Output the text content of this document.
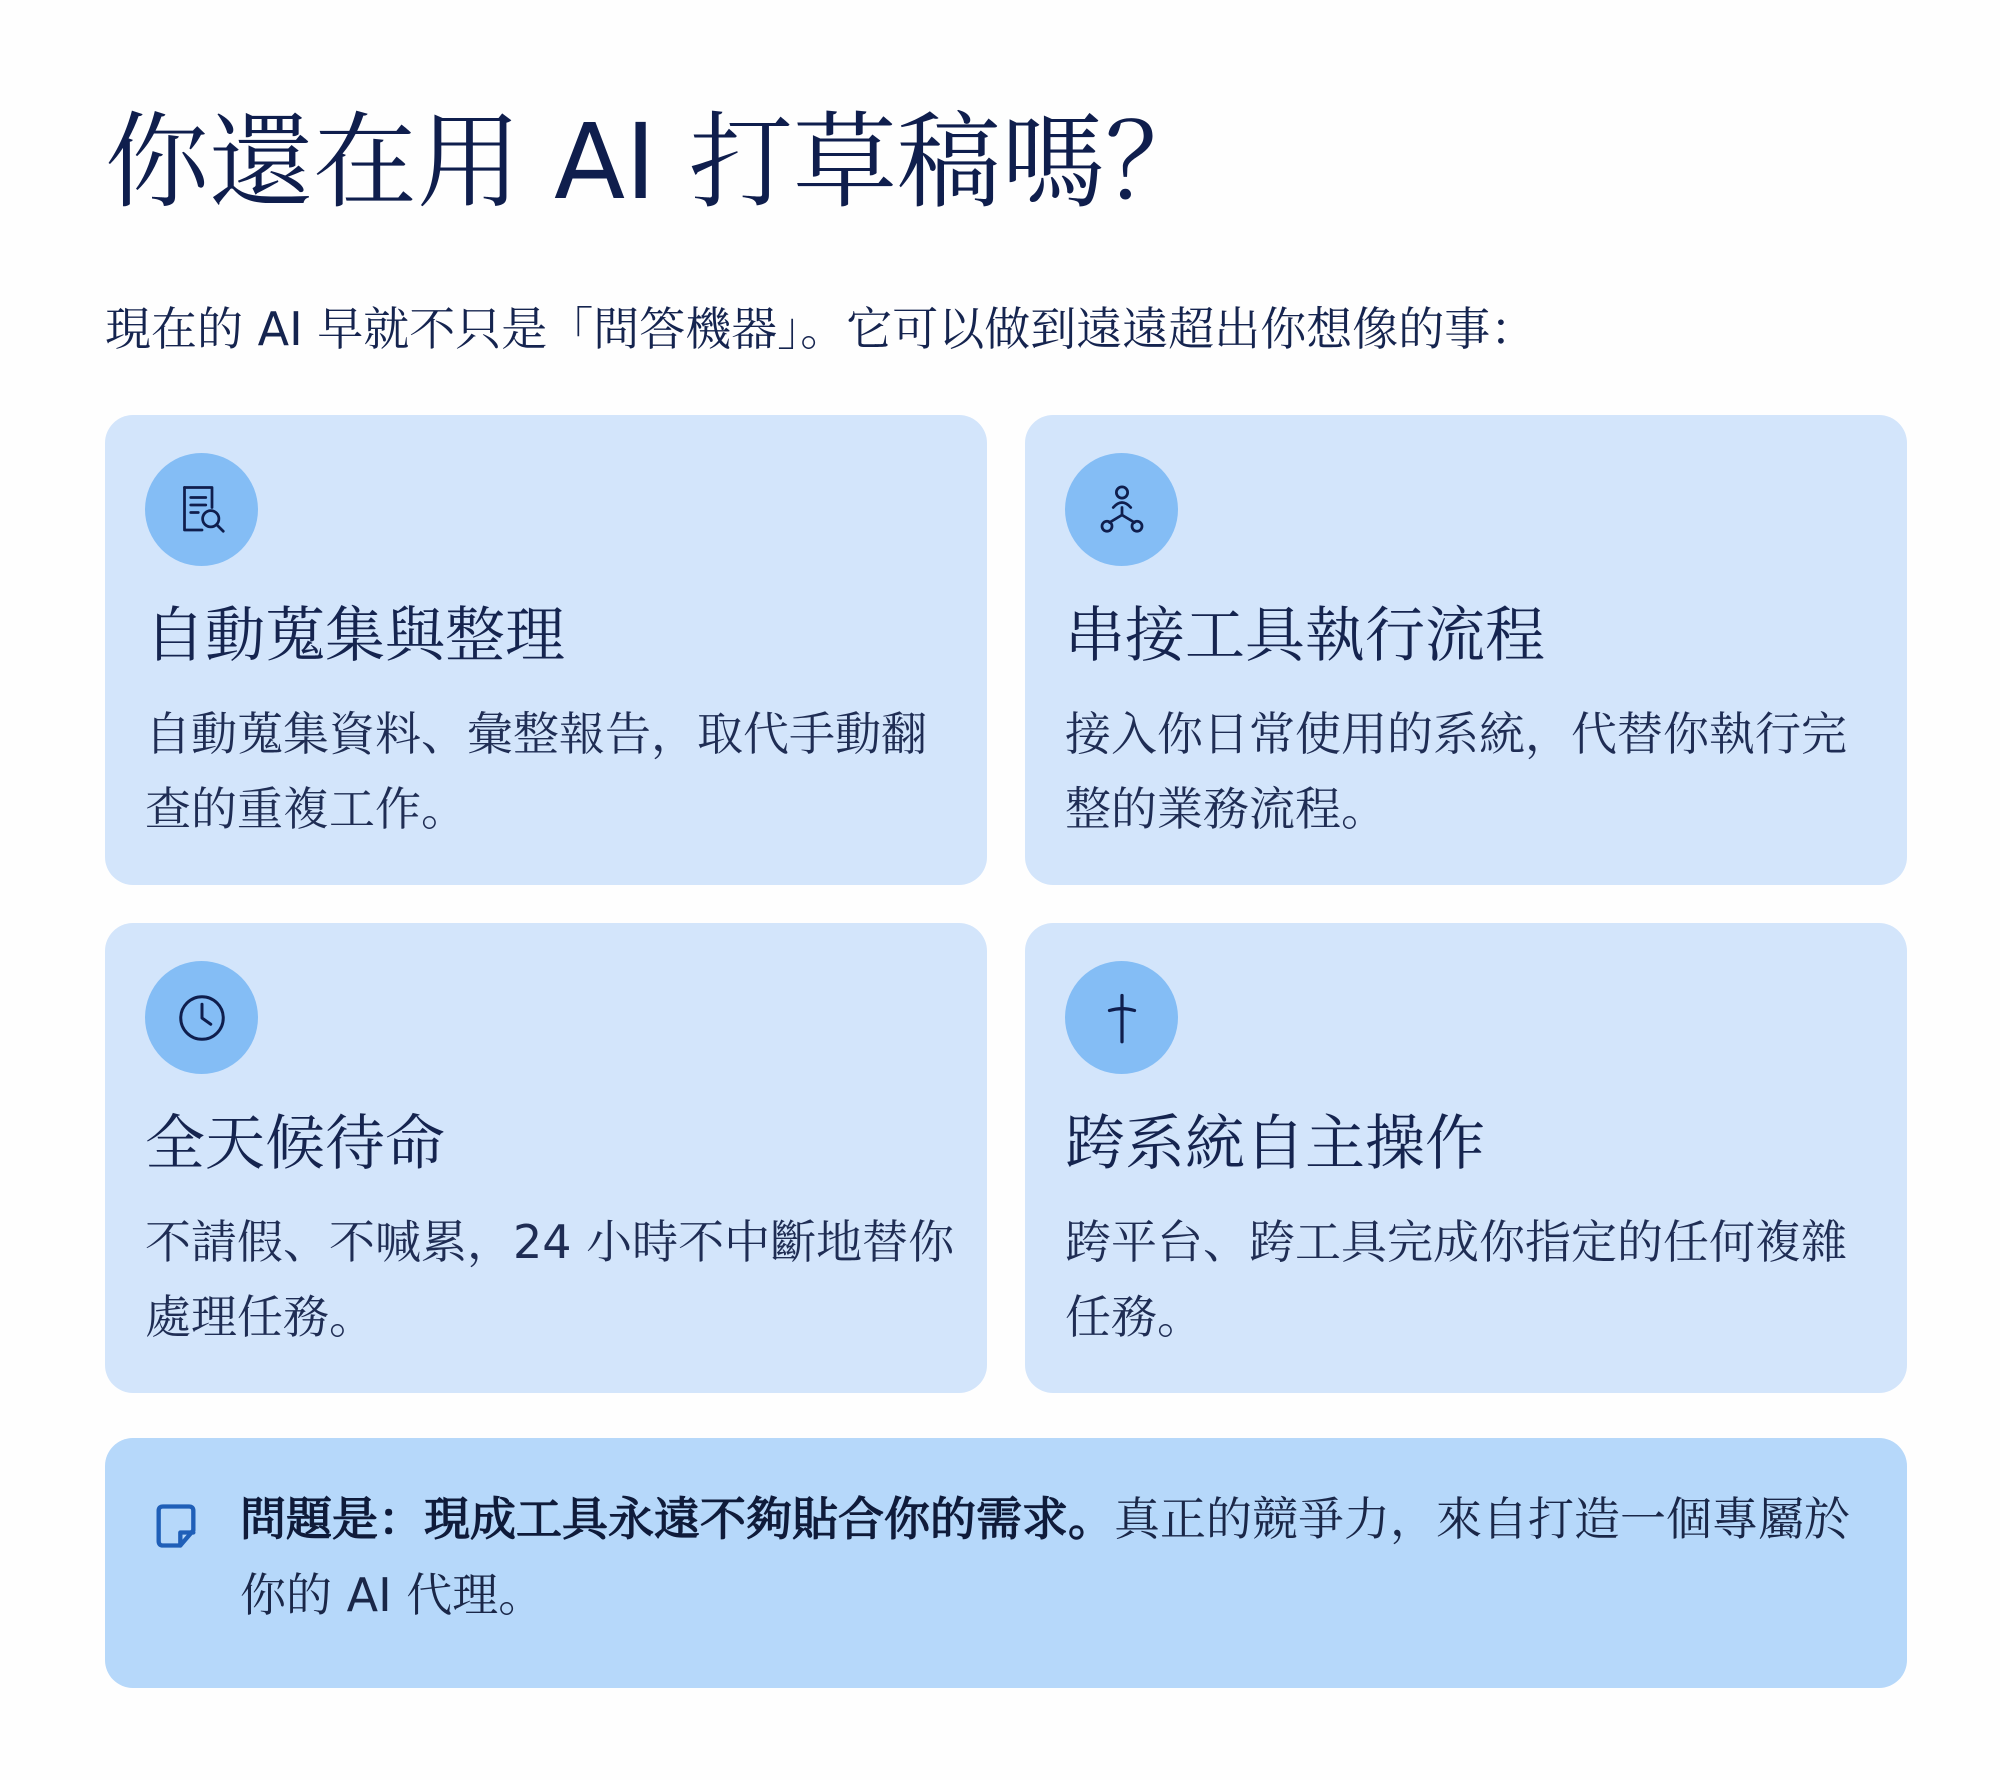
你還在用 AI 打草稿嗎？

現在的 AI 早就不只是「問答機器」。它可以做到遠遠超出你想像的事：

自動蒐集與整理
自動蒐集資料、彙整報告，取代手動翻查的重複工作。
串接工具執行流程
接入你日常使用的系統，代替你執行完整的業務流程。
全天候待命
不請假、不喊累，24 小時不中斷地替你處理任務。
跨系統自主操作
跨平台、跨工具完成你指定的任何複雜任務。

問題是：現成工具永遠不夠貼合你的需求。真正的競爭力，來自打造一個專屬於你的 AI 代理。
